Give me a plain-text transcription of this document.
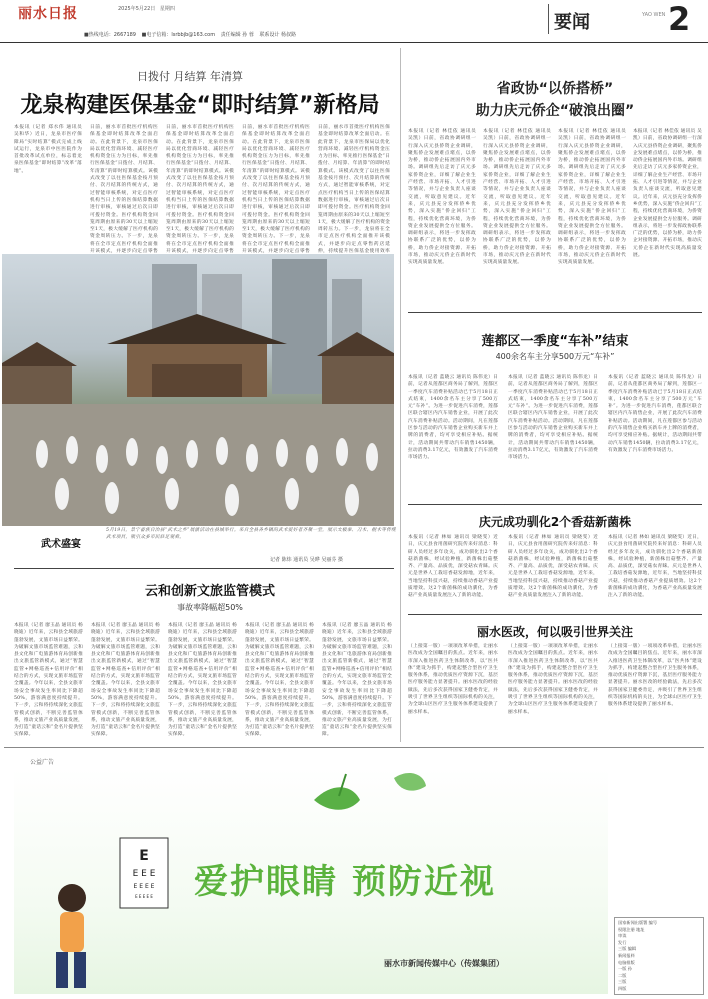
丽水日报	2025年5月22日 星期四
■热线电话：2667189 ■电子信箱：lsrbbjb@163.com 责任编辑 孙 蓉 联系设计 杨叔路
要闻	YAO WEN 2
日拨付 月结算 年清算
龙泉构建医保基金“即时结算”新格局
本报讯（记者 郑水伟 通讯员 吴和华）近日，龙泉市医疗保障局“实时结算”模式完成上线试运行，龙泉市中医医院作为首批改革试点单位，标志着龙泉医保基金“即时结算”改革“落地”。
日前，丽水市首批医疗机构医保基金即时结算改革全面启动。在此背景下，龙泉市医保局以优化营商环境、减轻医疗机构资金压力为目标，率先推行医保基金“日拨付、月结算、年清算”的即时结算模式。该模式改变了以往医保基金按月预付、次月结算的传统方式，通过智能审核系统，对定点医疗机构当日上传的医保结算数据进行审核，审核通过后次日即可拨付资金。医疗机构资金回笼周期由原来的30天以上缩短至1天，极大缓解了医疗机构的资金周转压力。下一步，龙泉将在全市定点医疗机构全面推开该模式，并逐步向定点零售
日前，丽水市首批医疗机构医保基金即时结算改革全面启动。在此背景下，龙泉市医保局以优化营商环境、减轻医疗机构资金压力为目标，率先推行医保基金“日拨付、月结算、年清算”的即时结算模式。该模式改变了以往医保基金按月预付、次月结算的传统方式，通过智能审核系统，对定点医疗机构当日上传的医保结算数据进行审核，审核通过后次日即可拨付资金。医疗机构资金回笼周期由原来的30天以上缩短至1天，极大缓解了医疗机构的资金周转压力。下一步，龙泉将在全市定点医疗机构全面推开该模式，并逐步向定点零售
日前，丽水市首批医疗机构医保基金即时结算改革全面启动。在此背景下，龙泉市医保局以优化营商环境、减轻医疗机构资金压力为目标，率先推行医保基金“日拨付、月结算、年清算”的即时结算模式。该模式改变了以往医保基金按月预付、次月结算的传统方式，通过智能审核系统，对定点医疗机构当日上传的医保结算数据进行审核，审核通过后次日即可拨付资金。医疗机构资金回笼周期由原来的30天以上缩短至1天，极大缓解了医疗机构的资金周转压力。下一步，龙泉将在全市定点医疗机构全面推开该模式，并逐步向定点零售
日前，丽水市首批医疗机构医保基金即时结算改革全面启动。在此背景下，龙泉市医保局以优化营商环境、减轻医疗机构资金压力为目标，率先推行医保基金“日拨付、月结算、年清算”的即时结算模式。该模式改变了以往医保基金按月预付、次月结算的传统方式，通过智能审核系统，对定点医疗机构当日上传的医保结算数据进行审核，审核通过后次日即可拨付资金。医疗机构资金回笼周期由原来的30天以上缩短至1天，极大缓解了医疗机构的资金周转压力。下一步，龙泉将在全市定点医疗机构全面推开该模式，并逐步向定点零售药店延伸，持续提升医保基金使用效率
武术盛宴
5月19日，景宁畲族自治县“武术之乡”展演活动在县城举行。来自全县各乡镇的武术爱好者齐聚一堂，展示太极拳、刀术、棍术等传统武术项目，吸引众多市民驻足观看。
记者 陈炜 通讯员 吴晔 吴丽芬 摄
云和创新文旅监管模式
事故率降幅超50%
本报讯（记者 廖玉晶 通讯员 杨晓迪）近年来，云和县全域旅游蓬勃发展，文旅市场日益繁荣。为破解文旅市场监管难题，云和县文化和广电旅游体育局创新推出文旅监管新模式，通过“智慧监管+网格巡查+信用评价”相结合的方式，实现文旅市场监管全覆盖。今年以来，全县文旅市场安全事故发生率同比下降超50%，游客满意度持续提升。下一步，云和将持续深化文旅监管模式创新，不断完善监管体系，推动文旅产业高质量发展，为打造“童话云和”金名片提供坚实保障。
本报讯（记者 廖玉晶 通讯员 杨晓迪）近年来，云和县全域旅游蓬勃发展，文旅市场日益繁荣。为破解文旅市场监管难题，云和县文化和广电旅游体育局创新推出文旅监管新模式，通过“智慧监管+网格巡查+信用评价”相结合的方式，实现文旅市场监管全覆盖。今年以来，全县文旅市场安全事故发生率同比下降超50%，游客满意度持续提升。下一步，云和将持续深化文旅监管模式创新，不断完善监管体系，推动文旅产业高质量发展，为打造“童话云和”金名片提供坚实保障。
本报讯（记者 廖玉晶 通讯员 杨晓迪）近年来，云和县全域旅游蓬勃发展，文旅市场日益繁荣。为破解文旅市场监管难题，云和县文化和广电旅游体育局创新推出文旅监管新模式，通过“智慧监管+网格巡查+信用评价”相结合的方式，实现文旅市场监管全覆盖。今年以来，全县文旅市场安全事故发生率同比下降超50%，游客满意度持续提升。下一步，云和将持续深化文旅监管模式创新，不断完善监管体系，推动文旅产业高质量发展，为打造“童话云和”金名片提供坚实保障。
本报讯（记者 廖玉晶 通讯员 杨晓迪）近年来，云和县全域旅游蓬勃发展，文旅市场日益繁荣。为破解文旅市场监管难题，云和县文化和广电旅游体育局创新推出文旅监管新模式，通过“智慧监管+网格巡查+信用评价”相结合的方式，实现文旅市场监管全覆盖。今年以来，全县文旅市场安全事故发生率同比下降超50%，游客满意度持续提升。下一步，云和将持续深化文旅监管模式创新，不断完善监管体系，推动文旅产业高质量发展，为打造“童话云和”金名片提供坚实保障。
本报讯（记者 廖玉晶 通讯员 杨晓迪）近年来，云和县全域旅游蓬勃发展，文旅市场日益繁荣。为破解文旅市场监管难题，云和县文化和广电旅游体育局创新推出文旅监管新模式，通过“智慧监管+网格巡查+信用评价”相结合的方式，实现文旅市场监管全覆盖。今年以来，全县文旅市场安全事故发生率同比下降超50%，游客满意度持续提升。下一步，云和将持续深化文旅监管模式创新，不断完善监管体系，推动文旅产业高质量发展，为打造“童话云和”金名片提供坚实保障。
省政协“以侨搭桥”
助力庆元侨企“破浪出圈”
本报讯（记者 林佳依 通讯员 吴凯）日前，省政协调研组一行深入庆元县侨资企业调研，聚焦侨企发展难点堵点，以侨为桥，推动侨企拓展国内外市场。调研组先后走访了庆元多家侨资企业，详细了解企业生产经营、市场开拓、人才引进等情况，并与企业负责人座谈交流，听取意见建议。近年来，庆元县充分发挥侨乡优势，深入实施“侨企回归”工程，持续优化营商环境，为侨资企业发展提供全方位服务。调研组表示，将进一步发挥政协联系广泛的优势，以侨为桥，助力侨企对接资源、开拓市场，推动庆元侨企在新时代实现高质量发展。
本报讯（记者 林佳依 通讯员 吴凯）日前，省政协调研组一行深入庆元县侨资企业调研，聚焦侨企发展难点堵点，以侨为桥，推动侨企拓展国内外市场。调研组先后走访了庆元多家侨资企业，详细了解企业生产经营、市场开拓、人才引进等情况，并与企业负责人座谈交流，听取意见建议。近年来，庆元县充分发挥侨乡优势，深入实施“侨企回归”工程，持续优化营商环境，为侨资企业发展提供全方位服务。调研组表示，将进一步发挥政协联系广泛的优势，以侨为桥，助力侨企对接资源、开拓市场，推动庆元侨企在新时代实现高质量发展。
本报讯（记者 林佳依 通讯员 吴凯）日前，省政协调研组一行深入庆元县侨资企业调研，聚焦侨企发展难点堵点，以侨为桥，推动侨企拓展国内外市场。调研组先后走访了庆元多家侨资企业，详细了解企业生产经营、市场开拓、人才引进等情况，并与企业负责人座谈交流，听取意见建议。近年来，庆元县充分发挥侨乡优势，深入实施“侨企回归”工程，持续优化营商环境，为侨资企业发展提供全方位服务。调研组表示，将进一步发挥政协联系广泛的优势，以侨为桥，助力侨企对接资源、开拓市场，推动庆元侨企在新时代实现高质量发展。
本报讯（记者 林佳依 通讯员 吴凯）日前，省政协调研组一行深入庆元县侨资企业调研，聚焦侨企发展难点堵点，以侨为桥，推动侨企拓展国内外市场。调研组先后走访了庆元多家侨资企业，详细了解企业生产经营、市场开拓、人才引进等情况，并与企业负责人座谈交流，听取意见建议。近年来，庆元县充分发挥侨乡优势，深入实施“侨企回归”工程，持续优化营商环境，为侨资企业发展提供全方位服务。调研组表示，将进一步发挥政协联系广泛的优势，以侨为桥，助力侨企对接资源、开拓市场，推动庆元侨企在新时代实现高质量发展。
莲都区一季度“车补”结束
400余名车主分享500万元“车补”
本报讯（记者 蓝晓云 通讯员 陈伟龙）日前，记者从莲都区商务局了解到，莲都区一季度汽车消费补贴活动已于5月18日正式结束，1400余名车主分享了500万元“车补”。为进一步促进汽车消费，莲都区联合辖区内汽车销售企业，开展了此次汽车消费补贴活动。活动期间，凡在莲都区参与活动的汽车销售企业购买新车并上牌的消费者，均可享受相应补贴。据统计，活动期间共带动汽车销售1450辆，拉动消费3.17亿元，有效激发了汽车消费市场活力。
本报讯（记者 蓝晓云 通讯员 陈伟龙）日前，记者从莲都区商务局了解到，莲都区一季度汽车消费补贴活动已于5月18日正式结束，1400余名车主分享了500万元“车补”。为进一步促进汽车消费，莲都区联合辖区内汽车销售企业，开展了此次汽车消费补贴活动。活动期间，凡在莲都区参与活动的汽车销售企业购买新车并上牌的消费者，均可享受相应补贴。据统计，活动期间共带动汽车销售1450辆，拉动消费3.17亿元，有效激发了汽车消费市场活力。
本报讯（记者 蓝晓云 通讯员 陈伟龙）日前，记者从莲都区商务局了解到，莲都区一季度汽车消费补贴活动已于5月18日正式结束，1400余名车主分享了500万元“车补”。为进一步促进汽车消费，莲都区联合辖区内汽车销售企业，开展了此次汽车消费补贴活动。活动期间，凡在莲都区参与活动的汽车销售企业购买新车并上牌的消费者，均可享受相应补贴。据统计，活动期间共带动汽车销售1450辆，拉动消费3.17亿元，有效激发了汽车消费市场活力。
庆元成功驯化2个香菇新菌株
本报讯（记者 林如 通讯员 梁晓雯）近日，庆元县食用菌研究院传来好消息：科研人员经过多年攻关，成功驯化出2个香菇新菌株，经试验种植，新菌株出菇整齐、产量高、品质优，深受菇农青睐。庆元是世界人工栽培香菇发源地，近年来，当地坚持科技兴菇，持续推动香菇产业提质增效。这2个新菌株的成功驯化，为香菇产业高质量发展注入了新的动能。
本报讯（记者 林如 通讯员 梁晓雯）近日，庆元县食用菌研究院传来好消息：科研人员经过多年攻关，成功驯化出2个香菇新菌株，经试验种植，新菌株出菇整齐、产量高、品质优，深受菇农青睐。庆元是世界人工栽培香菇发源地，近年来，当地坚持科技兴菇，持续推动香菇产业提质增效。这2个新菌株的成功驯化，为香菇产业高质量发展注入了新的动能。
本报讯（记者 林如 通讯员 梁晓雯）近日，庆元县食用菌研究院传来好消息：科研人员经过多年攻关，成功驯化出2个香菇新菌株，经试验种植，新菌株出菇整齐、产量高、品质优，深受菇农青睐。庆元是世界人工栽培香菇发源地，近年来，当地坚持科技兴菇，持续推动香菇产业提质增效。这2个新菌株的成功驯化，为香菇产业高质量发展注入了新的动能。
丽水医改，何以吸引世界关注
（上接第一版）一项项改革举措，让丽水医改成为全国瞩目的焦点。近年来，丽水市深入推进医药卫生体制改革，以“医共体”建设为抓手，构建起整合型医疗卫生服务体系，推动优质医疗资源下沉，基层医疗服务能力显著提升。丽水医改的经验做法，先后多次获得国家卫健委肯定，并吸引了世界卫生组织等国际机构的关注，为全球山区医疗卫生服务体系建设提供了丽水样本。
（上接第一版）一项项改革举措，让丽水医改成为全国瞩目的焦点。近年来，丽水市深入推进医药卫生体制改革，以“医共体”建设为抓手，构建起整合型医疗卫生服务体系，推动优质医疗资源下沉，基层医疗服务能力显著提升。丽水医改的经验做法，先后多次获得国家卫健委肯定，并吸引了世界卫生组织等国际机构的关注，为全球山区医疗卫生服务体系建设提供了丽水样本。
（上接第一版）一项项改革举措，让丽水医改成为全国瞩目的焦点。近年来，丽水市深入推进医药卫生体制改革，以“医共体”建设为抓手，构建起整合型医疗卫生服务体系，推动优质医疗资源下沉，基层医疗服务能力显著提升。丽水医改的经验做法，先后多次获得国家卫健委肯定，并吸引了世界卫生组织等国际机构的关注，为全球山区医疗卫生服务体系建设提供了丽水样本。
公益广告
E
E E E
E E E E
E E E E E 爱护眼睛 预防近视
丽水市新闻传媒中心（传媒集团）
国家新闻出版署 编号
权限注册 地址
审读
发行
三版 编辑
新闻报料
电脑排版
一版 孙
二版
三版
四版
